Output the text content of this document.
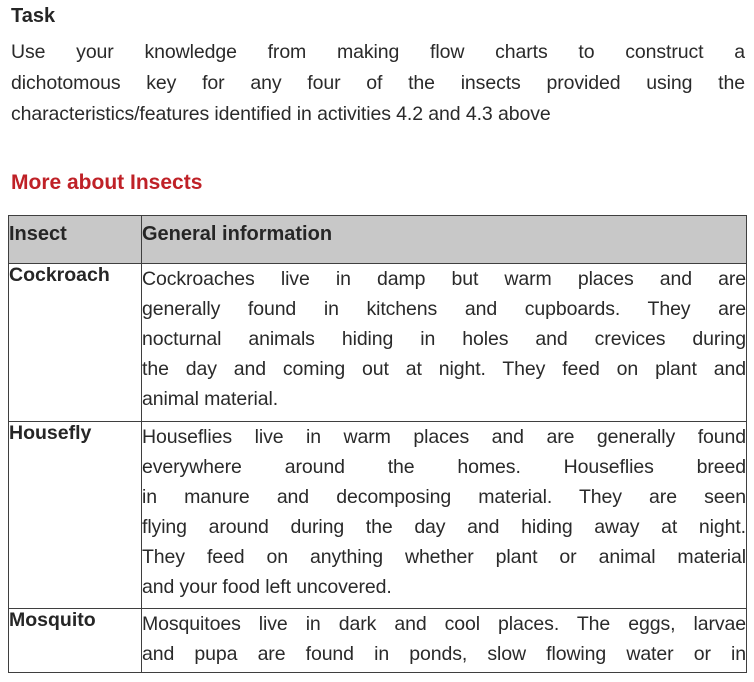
Task
Use your knowledge from making flow charts to construct a
dichotomous key for any four of the insects provided using the
characteristics/features identified in activities 4.2 and 4.3 above
More about Insects
Insect	General information
Cockroach	Cockroaches live in damp but warm places and are
generally found in kitchens and cupboards. They are
nocturnal animals hiding in holes and crevices during
the day and coming out at night. They feed on plant and
animal material.

Housefly	Houseflies live in warm places and are generally found
everywhere around the homes. Houseflies breed
in manure and decomposing material. They are seen
flying around during the day and hiding away at night.
They feed on anything whether plant or animal material
and your food left uncovered.

Mosquito	Mosquitoes live in dark and cool places. The eggs, larvae
and pupa are found in ponds, slow flowing water or in
